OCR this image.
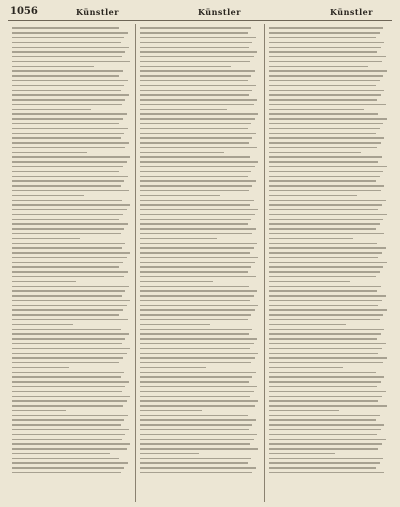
1056	Künstler	Künstler	Künstler
